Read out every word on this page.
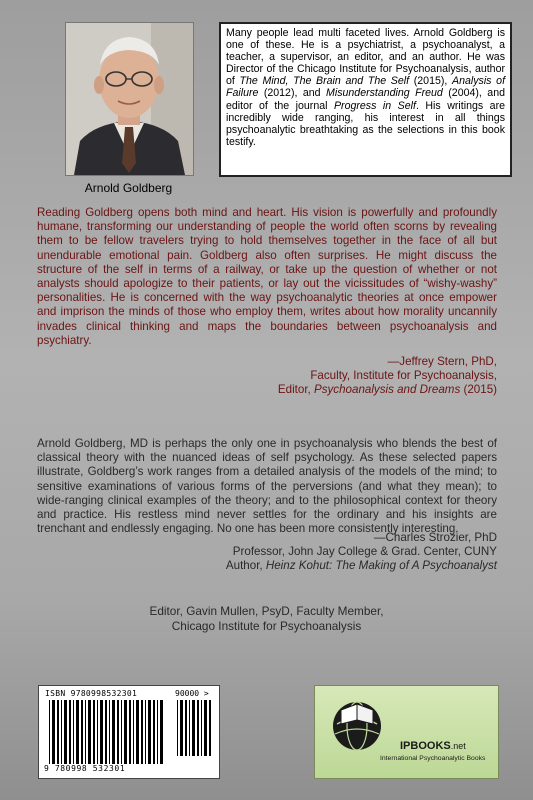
Arnold Goldberg
Many people lead multi faceted lives. Arnold Goldberg is one of these. He is a psychiatrist, a psychoanalyst, a teacher, a supervisor, an editor, and an author. He was Director of the Chicago Institute for Psychoanalysis, author of The Mind, The Brain and The Self (2015), Analysis of Failure (2012), and Misunderstanding Freud (2004), and editor of the journal Progress in Self. His writings are incredibly wide ranging, his interest in all things psychoanalytic breathtaking as the selections in this book testify.
Reading Goldberg opens both mind and heart. His vision is powerfully and profoundly humane, transforming our understanding of people the world often scorns by revealing them to be fellow travelers trying to hold themselves together in the face of all but unendurable emotional pain. Goldberg also often surprises. He might discuss the structure of the self in terms of a railway, or take up the question of whether or not analysts should apologize to their patients, or lay out the vicissitudes of “wishy-washy” personalities. He is concerned with the way psychoanalytic theories at once empower and imprison the minds of those who employ them, writes about how morality uncannily invades clinical thinking and maps the boundaries between psychoanalysis and psychiatry.
—Jeffrey Stern, PhD,
Faculty, Institute for Psychoanalysis,
Editor, Psychoanalysis and Dreams (2015)
Arnold Goldberg, MD is perhaps the only one in psychoanalysis who blends the best of classical theory with the nuanced ideas of self psychology. As these selected papers illustrate, Goldberg’s work ranges from a detailed analysis of the models of the mind; to sensitive examinations of various forms of the perversions (and what they mean); to wide-ranging clinical examples of the theory; and to the philosophical context for theory and practice. His restless mind never settles for the ordinary and his insights are trenchant and endlessly engaging. No one has been more consistently interesting.
—Charles Strozier, PhD
Professor, John Jay College & Grad. Center, CUNY
Author, Heinz Kohut: The Making of A Psychoanalyst
Editor, Gavin Mullen, PsyD, Faculty Member,
Chicago Institute for Psychoanalysis
ISBN 9780998532301	90000 >
9 780998 532301
IPBOOKS.net
International Psychoanalytic Books
